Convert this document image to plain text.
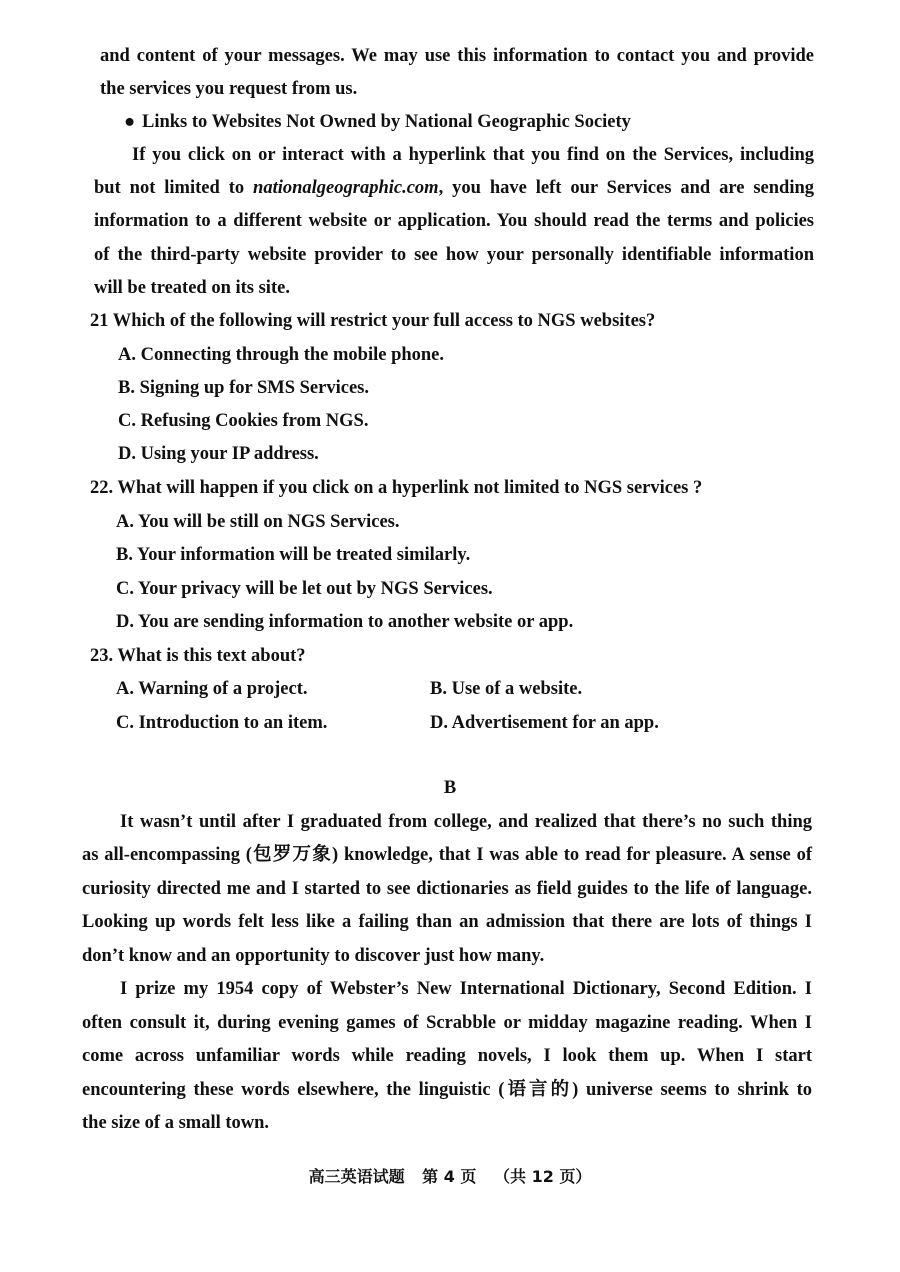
and content of your messages. We may use this information to contact you and provide
the services you request from us.
● Links to Websites Not Owned by National Geographic Society
If you click on or interact with a hyperlink that you find on the Services, including
but not limited to nationalgeographic.com, you have left our Services and are sending
information to a different website or application. You should read the terms and policies
of the third-party website provider to see how your personally identifiable information
will be treated on its site.
21 Which of the following will restrict your full access to NGS websites?
A. Connecting through the mobile phone.
B. Signing up for SMS Services.
C. Refusing Cookies from NGS.
D. Using your IP address.
22. What will happen if you click on a hyperlink not limited to NGS services ?
A. You will be still on NGS Services.
B. Your information will be treated similarly.
C. Your privacy will be let out by NGS Services.
D. You are sending information to another website or app.
23. What is this text about?
A. Warning of a project.	B. Use of a website.
C. Introduction to an item.	D. Advertisement for an app.
B
It wasn’t until after I graduated from college, and realized that there’s no such thing
as all-encompassing (包罗万象) knowledge, that I was able to read for pleasure. A sense of
curiosity directed me and I started to see dictionaries as field guides to the life of language.
Looking up words felt less like a failing than an admission that there are lots of things I
don’t know and an opportunity to discover just how many.
I prize my 1954 copy of Webster’s New International Dictionary, Second Edition. I
often consult it, during evening games of Scrabble or midday magazine reading. When I
come across unfamiliar words while reading novels, I look them up. When I start
encountering these words elsewhere, the linguistic (语言的) universe seems to shrink to
the size of a small town.
高三英语试题 第 4 页 （共 12 页）
